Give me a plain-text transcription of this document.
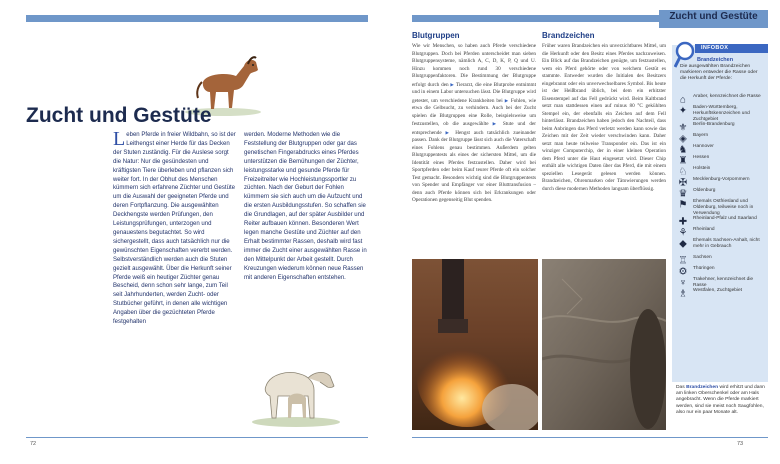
Zucht und Gestüte
Leben Pferde in freier Wildbahn, so ist der Leithengst einer Herde für das Decken der Stuten zuständig. Für die Auslese sorgt die Natur: Nur die gesündesten und kräftigsten Tiere überleben und pflanzen sich weiter fort. In der Obhut des Menschen kümmern sich erfahrene Züchter und Gestüte um die Auswahl der geeigneten Pferde und deren Fortpflanzung. Die ausgewählten Deckhengste werden Prüfungen, den Leistungsprüfungen, unterzogen und genauestens begutachtet. So wird sichergestellt, dass auch tatsächlich nur die gewünschten Eigenschaften vererbt werden. Selbstverständlich werden auch die Stuten gezielt ausgewählt. Über die Herkunft seiner Pferde weiß ein heutiger Züchter genau Bescheid, denn schon sehr lange, zum Teil seit Jahrhunderten, werden Zucht- oder Stutbücher geführt, in denen alle wichtigen Angaben über die gezüchteten Pferde festgehalten
werden. Moderne Methoden wie die Feststellung der Blutgruppen oder gar das genetischen Fingerabdrucks eines Pferdes unterstützen die Bemühungen der Züchter, leistungsstarke und gesunde Pferde für Freizeitreiter wie Hochleistungssportler zu züchten. Nach der Geburt der Fohlen kümmern sie sich auch um die Aufzucht und die ersten Ausbildungsstufen. So schaffen sie die Grundlagen, auf der später Ausbilder und Reiter aufbauen können. Besonderen Wert legen manche Gestüte und Züchter auf den Erhalt bestimmter Rassen, deshalb wird fast immer die Zucht einer ausgewählten Rasse in den Mittelpunkt der Arbeit gestellt. Durch Kreuzungen wiederum können neue Rassen mit anderen Eigenschaften entstehen.
72
Zucht und Gestüte
Blutgruppen	Brandzeichen
Wie wir Menschen, so haben auch Pferde verschiedene Blutgruppen. Doch bei Pferden unterscheidet man sieben Blutgruppensysteme, nämlich A, C, D, K, P, Q und U. Hinzu kommen noch rund 30 verschiedene Blutgruppenfaktoren. Die Bestimmung der Blutgruppe erfolgt durch den ▶ Tierarzt, die eine Blutprobe entnimmt und in einem Labor untersuchen lässt. Die Blutgruppe wird getestet, um verschiedene Krankheiten bei ▶ Fohlen, wie etwa die Gelbsucht, zu verhindern. Auch bei der Zucht spielen die Blutgruppen eine Rolle, beispielsweise um festzustellen, ob die ausgewählte ▶ Stute und der entsprechende ▶ Hengst auch tatsächlich zueinander passen. Dank der Blutgruppe lässt sich auch die Vaterschaft eines Fohlens genau bestimmen. Außerdem gelten Blutgruppentests als eines der sichersten Mittel, um die Identität eines Pferdes festzustellen. Daher wird bei Sportpferden oder beim Kauf teurer Pferde oft ein solcher Test gemacht. Besonders wichtig sind die Blutgruppentests von Spender und Empfänger vor einer Bluttransfusion – denn auch Pferde können sich bei Erkrankungen oder Operationen gegenseitig Blut spenden.
Früher waren Brandzeichen ein unverzichtbares Mittel, um die Herkunft oder den Besitz eines Pferdes nachzuweisen. Ein Blick auf das Brandzeichen genügte, um festzustellen, wem ein Pferd gehörte oder von welchem Gestüt es stammte. Entweder wurden die Initialen des Besitzers eingebrannt oder ein unverwechselbares Symbol. Bis heute ist der Heißbrand üblich, bei dem ein erhitzter Eisenstempel auf das Fell gedrückt wird. Beim Kaltbrand setzt man stattdessen einen auf minus 80 °C gekühlten Stempel ein, der ebenfalls ein Zeichen auf dem Fell hinterlässt. Brandzeichen haben jedoch den Nachteil, dass beim Anbringen das Pferd verletzt werden kann sowie das Zeichen mit der Zeit wieder verschwinden kann. Daher setzt man heute teilweise Transponder ein. Das ist ein winziger Computerchip, der in einer kleinen Operation dem Pferd unter die Haut eingesetzt wird. Dieser Chip enthält alle wichtigen Daten über das Pferd, die mit einem speziellen Lesegerät gelesen werden können. Brandzeichen, Ohrenmarken oder Tätowierungen werden durch diese modernen Methoden langsam überflüssig.
73
INFOBOX
Brandzeichen
Die ausgewählten Brandzeichen markieren entweder die Rasse oder die Herkunft der Pferde:
⌂ Araber, kennzeichnet die Rasse
✦ Baden-Württemberg, Herkunftskennzeichen und Zuchtgebiet
⚜ Berlin-Brandenburg
◈ Bayern
♞ Hannover
♜ Hessen
♘ Holstein
✠ Mecklenburg-Vorpommern
♛ Oldenburg
⚑ Ehemals Ostfriesland und Oldenburg, teilweise noch in Verwendung
✚ Rheinland-Pfalz und Saarland
⚘ Rheinland
◆ Ehemals Sachsen-Anhalt, nicht mehr in Gebrauch
♖ Sachsen
⚙ Thüringen
♆ Trakehner, kennzeichnet die Rasse
♗ Westfalen, Zuchtgebiet
Das Brandzeichen wird erhitzt und dann am linken Oberschenkel oder am Hals angebracht. Wenn die Pferde markiert werden, sind sie meist noch Saugfohlen, also nur ein paar Monate alt.
